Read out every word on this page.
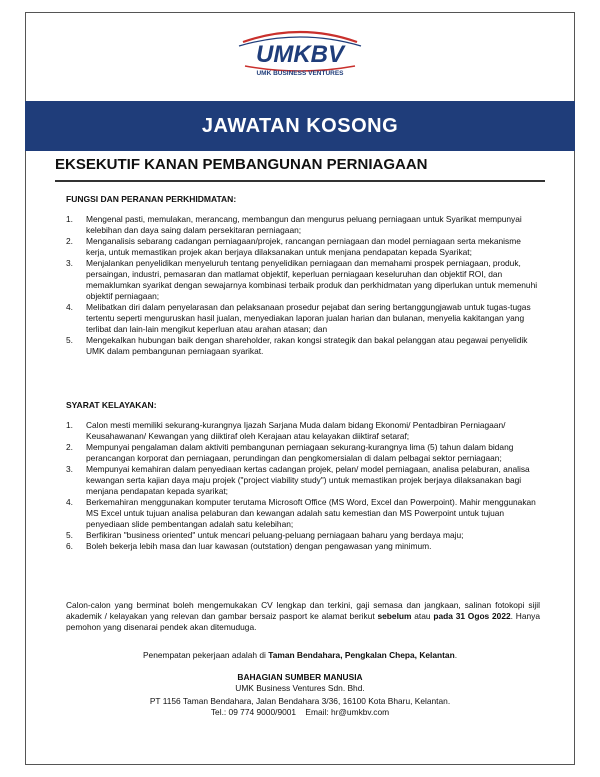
UMKBV
UMK BUSINESS VENTURES
JAWATAN KOSONG
EKSEKUTIF KANAN PEMBANGUNAN PERNIAGAAN
FUNGSI DAN PERANAN PERKHIDMATAN:
1. Mengenal pasti, memulakan, merancang, membangun dan mengurus peluang perniagaan untuk Syarikat mempunyai kelebihan dan daya saing dalam persekitaran perniagaan;
2. Menganalisis sebarang cadangan perniagaan/projek, rancangan perniagaan dan model perniagaan serta mekanisme kerja, untuk memastikan projek akan berjaya dilaksanakan untuk menjana pendapatan kepada Syarikat;
3. Menjalankan penyelidikan menyeluruh tentang penyelidikan perniagaan dan memahami prospek perniagaan, produk, persaingan, industri, pemasaran dan matlamat objektif, keperluan perniagaan keseluruhan dan objektif ROI, dan memaklumkan syarikat dengan sewajarnya kombinasi terbaik produk dan perkhidmatan yang diperlukan untuk memenuhi objektif perniagaan;
4. Melibatkan diri dalam penyelarasan dan pelaksanaan prosedur pejabat dan sering bertanggungjawab untuk tugas-tugas tertentu seperti menguruskan hasil jualan, menyediakan laporan jualan harian dan bulanan, menyelia kakitangan yang terlibat dan lain-lain mengikut keperluan atau arahan atasan; dan
5. Mengekalkan hubungan baik dengan shareholder, rakan kongsi strategik dan bakal pelanggan atau pegawai penyelidik UMK dalam pembangunan perniagaan syarikat.
SYARAT KELAYAKAN:
1. Calon mesti memiliki sekurang-kurangnya Ijazah Sarjana Muda dalam bidang Ekonomi/ Pentadbiran Perniagaan/ Keusahawanan/ Kewangan yang diiktiraf oleh Kerajaan atau kelayakan diiktiraf setaraf;
2. Mempunyai pengalaman dalam aktiviti pembangunan perniagaan sekurang-kurangnya lima (5) tahun dalam bidang perancangan korporat dan perniagaan, perundingan dan pengkomersialan di dalam pelbagai sektor perniagaan;
3. Mempunyai kemahiran dalam penyediaan kertas cadangan projek, pelan/ model perniagaan, analisa pelaburan, analisa kewangan serta kajian daya maju projek ("project viability study") untuk memastikan projek berjaya dilaksanakan bagi menjana pendapatan kepada syarikat;
4. Berkemahiran menggunakan komputer terutama Microsoft Office (MS Word, Excel dan Powerpoint). Mahir menggunakan MS Excel untuk tujuan analisa pelaburan dan kewangan adalah satu kemestian dan MS Powerpoint untuk tujuan penyediaan slide pembentangan adalah satu kelebihan;
5. Berfikiran "business oriented" untuk mencari peluang-peluang perniagaan baharu yang berdaya maju;
6. Boleh bekerja lebih masa dan luar kawasan (outstation) dengan pengawasan yang minimum.
Calon-calon yang berminat boleh mengemukakan CV lengkap dan terkini, gaji semasa dan jangkaan, salinan fotokopi sijil akademik / kelayakan yang relevan dan gambar bersaiz pasport ke alamat berikut sebelum atau pada 31 Ogos 2022. Hanya pemohon yang disenarai pendek akan ditemuduga.
Penempatan pekerjaan adalah di Taman Bendahara, Pengkalan Chepa, Kelantan.
BAHAGIAN SUMBER MANUSIA
UMK Business Ventures Sdn. Bhd.
PT 1156 Taman Bendahara, Jalan Bendahara 3/36, 16100 Kota Bharu, Kelantan.
Tel.: 09 774 9000/9001 Email: hr@umkbv.com
